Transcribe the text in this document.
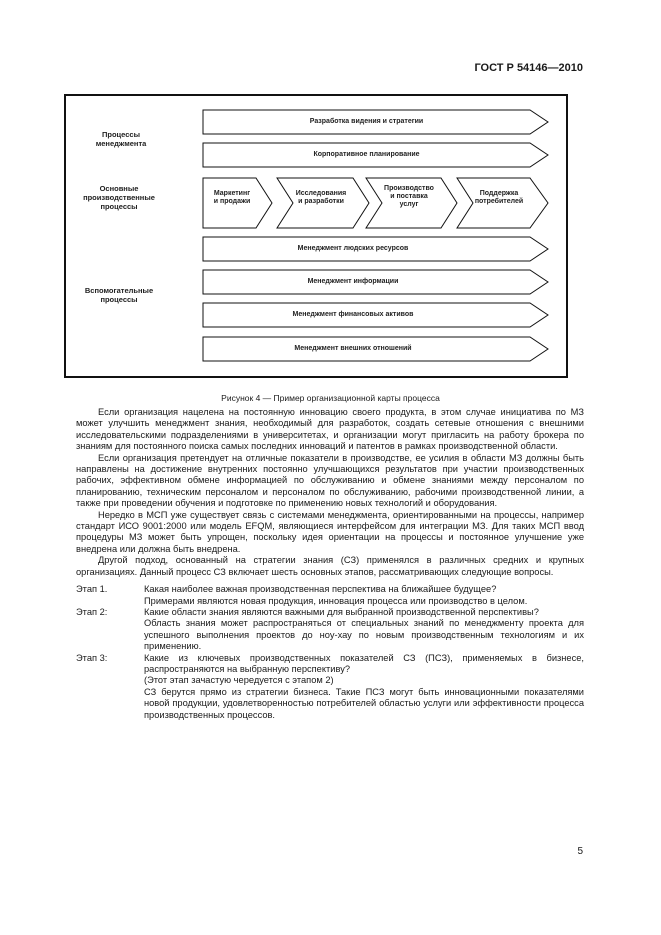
ГОСТ Р 54146—2010
Процессы
менеджмента
Основные
производственные
процессы
Вспомогательные
процессы
Разработка видения и стратегии
Корпоративное планирование
Маркетинг
и продажи
Исследования
и разработки
Производство
и поставка
услуг
Поддержка
потребителей
Менеджмент людских ресурсов
Менеджмент информации
Менеджмент финансовых активов
Менеджмент внешних отношений
Рисунок 4 — Пример организационной карты процесса

Если организация нацелена на постоянную инновацию своего продукта, в этом случае инициатива по МЗ может улучшить менеджмент знания, необходимый для разработок, создать сетевые отношения с внешними исследовательскими подразделениями в университетах, и организации могут пригласить на работу брокера по знаниям для постоянного поиска самых последних инноваций и патентов в рамках производственной области.

Если организация претендует на отличные показатели в производстве, ее усилия в области МЗ должны быть направлены на достижение внутренних постоянно улучшающихся результатов при участии производственных рабочих, эффективном обмене информацией по обслуживанию и обмене знаниями между персоналом по планированию, техническим персоналом и персоналом по обслуживанию, рабочими производственной линии, а также при проведении обучения и подготовке по применению новых технологий и оборудования.

Нередко в МСП уже существует связь с системами менеджмента, ориентированными на процессы, например стандарт ИСО 9001:2000 или модель EFQM, являющиеся интерфейсом для интеграции МЗ. Для таких МСП ввод процедуры МЗ может быть упрощен, поскольку идея ориентации на процессы и постоянное улучшение уже внедрена или должна быть внедрена.

Другой подход, основанный на стратегии знания (СЗ) применялся в различных средних и крупных организациях. Данный процесс СЗ включает шесть основных этапов, рассматривающих следующие вопросы.

Этап 1.	Какая наиболее важная производственная перспектива на ближайшее будущее?
Примерами являются новая продукция, инновация процесса или производство в целом.
Этап 2:	Какие области знания являются важными для выбранной производственной перспективы?
Область знания может распространяться от специальных знаний по менеджменту проекта для успешного выполнения проектов до ноу-хау по новым производственным технологиям и их применению.
Этап 3:	Какие из ключевых производственных показателей СЗ (ПСЗ), применяемых в бизнесе, распространяются на выбранную перспективу?
(Этот этап зачастую чередуется с этапом 2)
СЗ берутся прямо из стратегии бизнеса. Такие ПСЗ могут быть инновационными показателями новой продукции, удовлетворенностью потребителей областью услуги или эффективности процесса производственных процессов.
5
